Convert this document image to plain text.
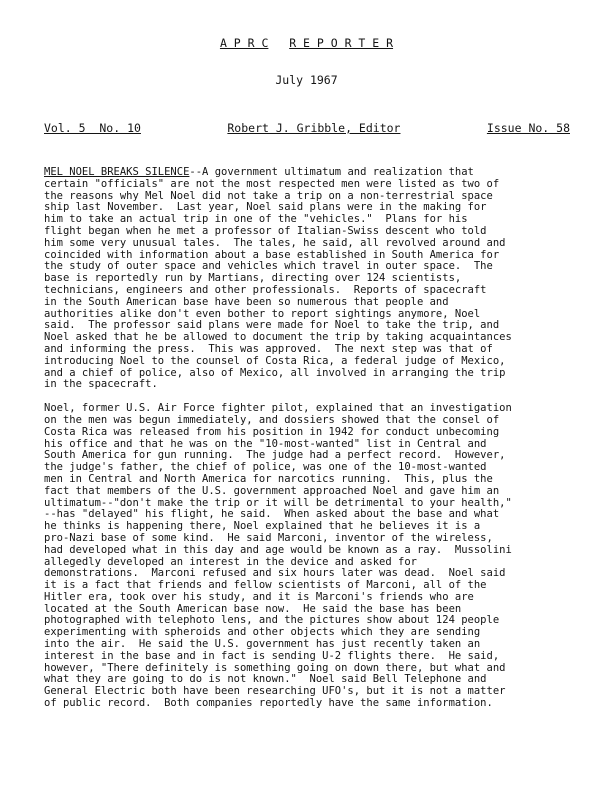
A P R C R E P O R T E R
July 1967
Vol. 5  No. 10	Robert J. Gribble, Editor	Issue No. 58
MEL NOEL BREAKS SILENCE--A government ultimatum and realization that
certain "officials" are not the most respected men were listed as two of
the reasons why Mel Noel did not take a trip on a non-terrestrial space
ship last November.  Last year, Noel said plans were in the making for
him to take an actual trip in one of the "vehicles."  Plans for his
flight began when he met a professor of Italian-Swiss descent who told
him some very unusual tales.  The tales, he said, all revolved around and
coincided with information about a base established in South America for
the study of outer space and vehicles which travel in outer space.  The
base is reportedly run by Martians, directing over 124 scientists,
technicians, engineers and other professionals.  Reports of spacecraft
in the South American base have been so numerous that people and
authorities alike don't even bother to report sightings anymore, Noel
said.  The professor said plans were made for Noel to take the trip, and
Noel asked that he be allowed to document the trip by taking acquaintances
and informing the press.  This was approved.  The next step was that of
introducing Noel to the counsel of Costa Rica, a federal judge of Mexico,
and a chief of police, also of Mexico, all involved in arranging the trip
in the spacecraft.
Noel, former U.S. Air Force fighter pilot, explained that an investigation
on the men was begun immediately, and dossiers showed that the consel of
Costa Rica was released from his position in 1942 for conduct unbecoming
his office and that he was on the "10-most-wanted" list in Central and
South America for gun running.  The judge had a perfect record.  However,
the judge's father, the chief of police, was one of the 10-most-wanted
men in Central and North America for narcotics running.  This, plus the
fact that members of the U.S. government approached Noel and gave him an
ultimatum--"don't make the trip or it will be detrimental to your health,"
--has "delayed" his flight, he said.  When asked about the base and what
he thinks is happening there, Noel explained that he believes it is a
pro-Nazi base of some kind.  He said Marconi, inventor of the wireless,
had developed what in this day and age would be known as a ray.  Mussolini
allegedly developed an interest in the device and asked for
demonstrations.  Marconi refused and six hours later was dead.  Noel said
it is a fact that friends and fellow scientists of Marconi, all of the
Hitler era, took over his study, and it is Marconi's friends who are
located at the South American base now.  He said the base has been
photographed with telephoto lens, and the pictures show about 124 people
experimenting with spheroids and other objects which they are sending
into the air.  He said the U.S. government has just recently taken an
interest in the base and in fact is sending U-2 flights there.  He said,
however, "There definitely is something going on down there, but what and
what they are going to do is not known."  Noel said Bell Telephone and
General Electric both have been researching UFO's, but it is not a matter
of public record.  Both companies reportedly have the same information.
